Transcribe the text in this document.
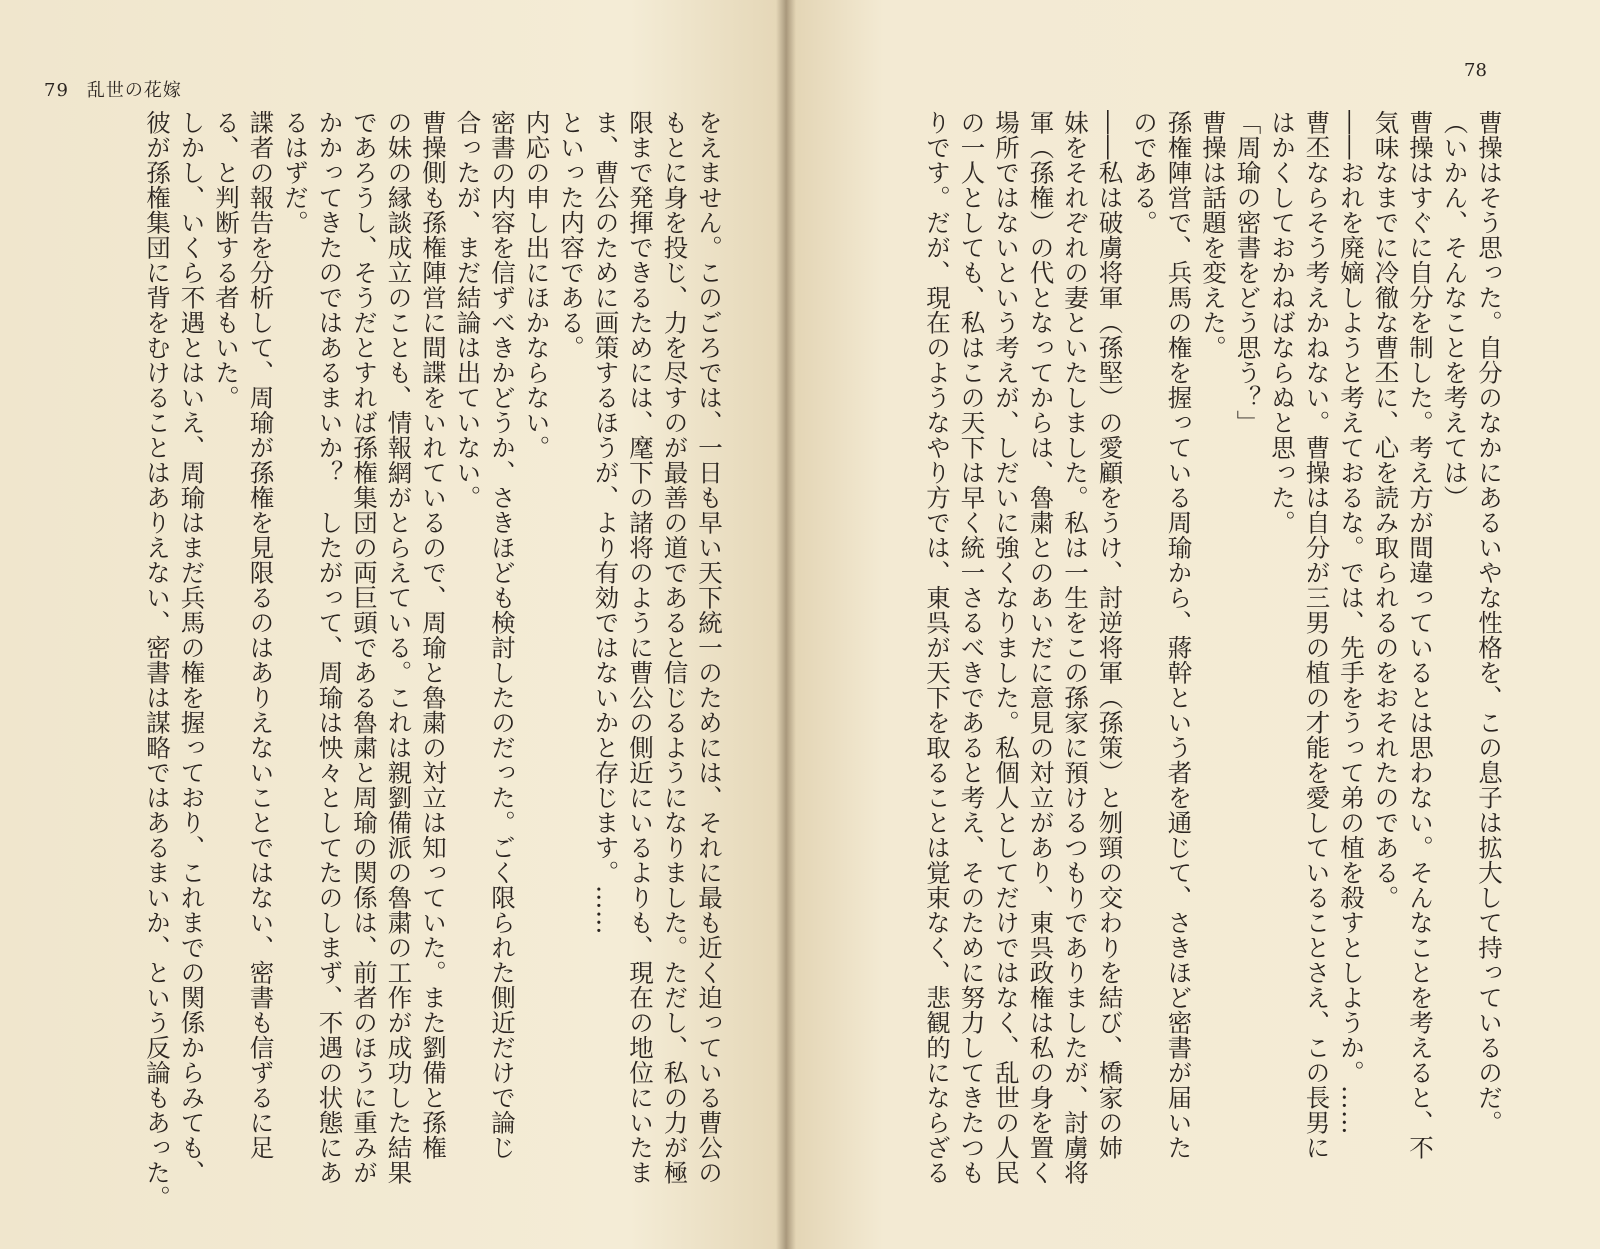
79 乱世の花嫁
78

をえません。このごろでは、一日も早い天下統一のためには、それに最も近く迫っている曹公の

もとに身を投じ、力を尽すのが最善の道であると信じるようになりました。ただし、私の力が極

限まで発揮できるためには、麾下の諸将のように曹公の側近にいるよりも、現在の地位にいたま

ま、曹公のために画策するほうが、より有効ではないかと存じます。……

といった内容である。

内応の申し出にほかならない。

密書の内容を信ずべきかどうか、さきほども検討したのだった。ごく限られた側近だけで論じ

合ったが、まだ結論は出ていない。

曹操側も孫権陣営に間諜をいれているので、周瑜と魯粛の対立は知っていた。また劉備と孫権

の妹の縁談成立のことも、情報網がとらえている。これは親劉備派の魯粛の工作が成功した結果

であろうし、そうだとすれば孫権集団の両巨頭である魯粛と周瑜の関係は、前者のほうに重みが

かかってきたのではあるまいか？　したがって、周瑜は怏々としてたのしまず、不遇の状態にあ

るはずだ。

諜者の報告を分析して、周瑜が孫権を見限るのはありえないことではない、密書も信ずるに足

る、と判断する者もいた。

しかし、いくら不遇とはいえ、周瑜はまだ兵馬の権を握っており、これまでの関係からみても、

彼が孫権集団に背をむけることはありえない、密書は謀略ではあるまいか、という反論もあった。	曹操はそう思った。自分のなかにあるいやな性格を、この息子は拡大して持っているのだ。

（いかん、そんなことを考えては）

曹操はすぐに自分を制した。考え方が間違っているとは思わない。そんなことを考えると、不

気味なまでに冷徹な曹丕に、心を読み取られるのをおそれたのである。

――おれを廃嫡しようと考えておるな。では、先手をうって弟の植を殺すとしようか。……

曹丕ならそう考えかねない。曹操は自分が三男の植の才能を愛していることさえ、この長男に

はかくしておかねばならぬと思った。

「周瑜の密書をどう思う？」

曹操は話題を変えた。

孫権陣営で、兵馬の権を握っている周瑜から、蔣幹という者を通じて、さきほど密書が届いた

のである。

――私は破虜将軍（孫堅）の愛顧をうけ、討逆将軍（孫策）と刎頸の交わりを結び、橋家の姉

妹をそれぞれの妻といたしました。私は一生をこの孫家に預けるつもりでありましたが、討虜将

軍（孫権）の代となってからは、魯粛とのあいだに意見の対立があり、東呉政権は私の身を置く

場所ではないという考えが、しだいに強くなりました。私個人としてだけではなく、乱世の人民

の一人としても、私はこの天下は早く統一さるべきであると考え、そのために努力してきたつも

りです。だが、現在のようなやり方では、東呉が天下を取ることは覚束なく、悲観的にならざる
